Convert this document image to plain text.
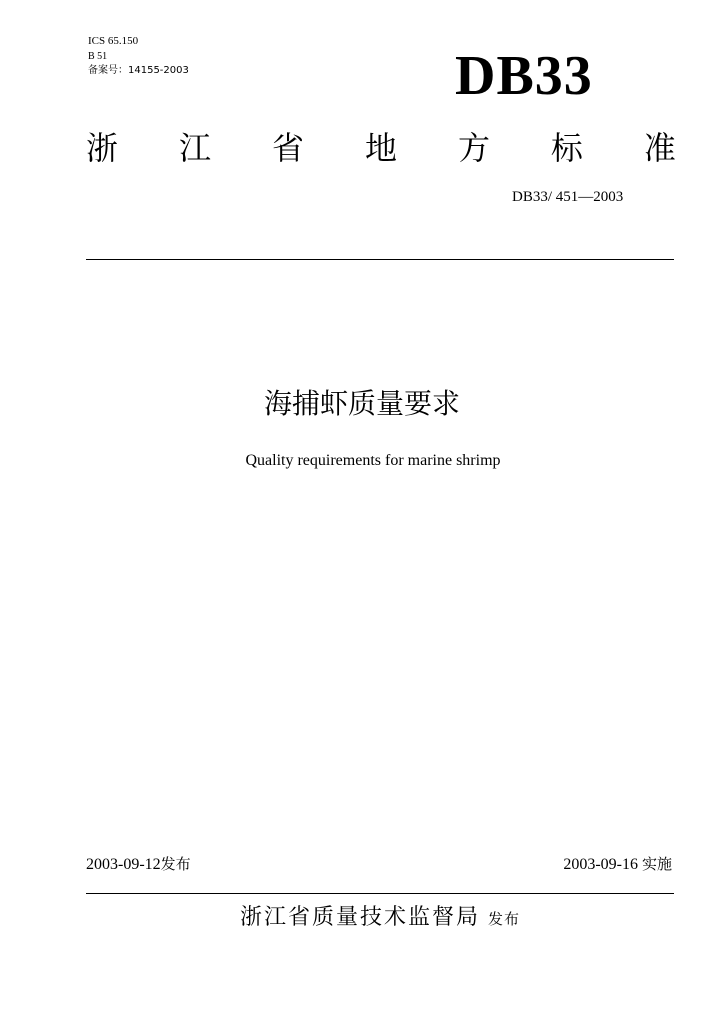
ICS 65.150
B 51
备案号：14155-2003	DB33
浙 江 省 地 方 标 准
DB33/ 451—2003
海捕虾质量要求
Quality requirements for marine shrimp
2003-09-12发布	2003-09-16 实施
浙江省质量技术监督局 发布
